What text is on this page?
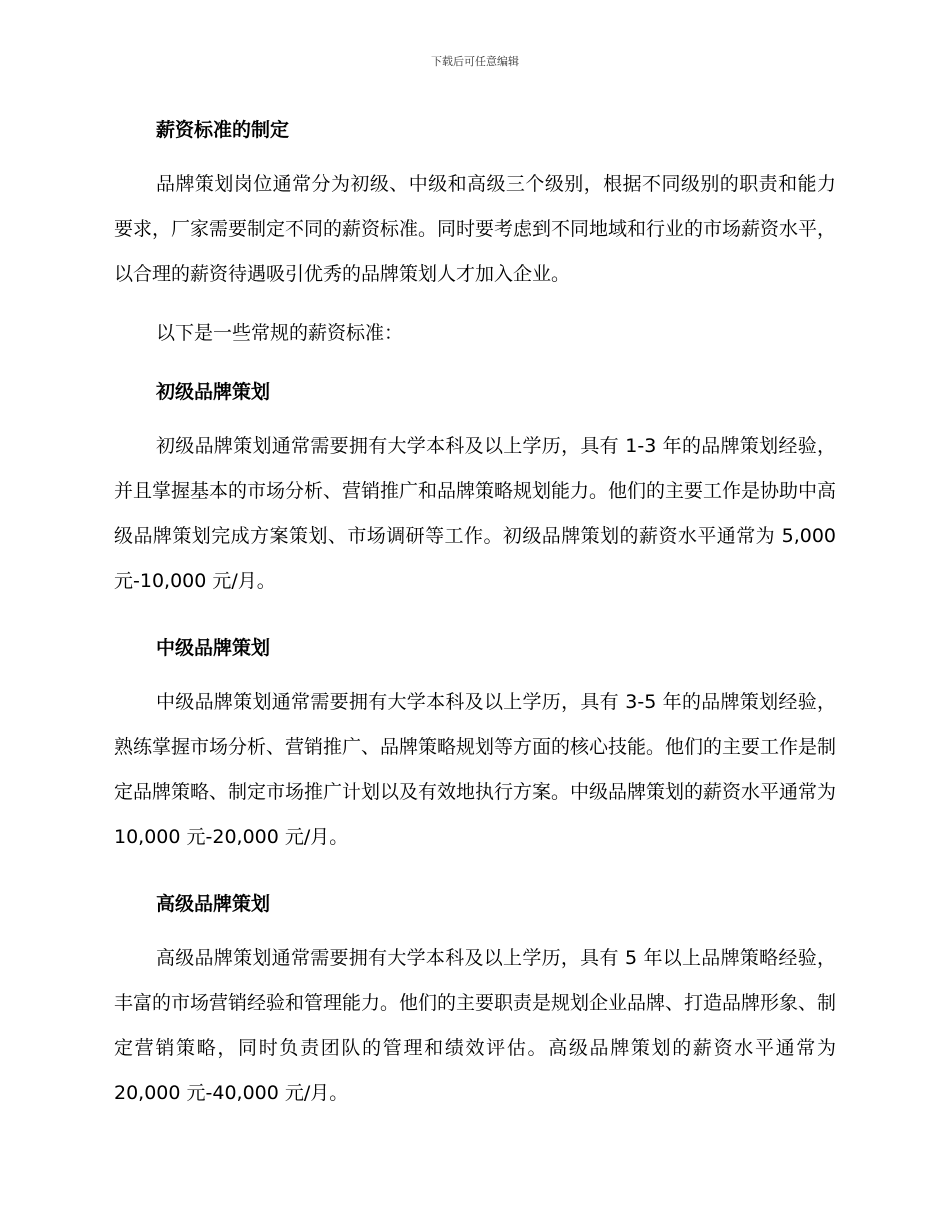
下载后可任意编辑
薪资标准的制定

品牌策划岗位通常分为初级、中级和高级三个级别，根据不同级别的职责和能力要求，厂家需要制定不同的薪资标准。同时要考虑到不同地域和行业的市场薪资水平，以合理的薪资待遇吸引优秀的品牌策划人才加入企业。

以下是一些常规的薪资标准：

初级品牌策划

初级品牌策划通常需要拥有大学本科及以上学历，具有 1-3 年的品牌策划经验，并且掌握基本的市场分析、营销推广和品牌策略规划能力。他们的主要工作是协助中高级品牌策划完成方案策划、市场调研等工作。初级品牌策划的薪资水平通常为 5,000 元-10,000 元/月。

中级品牌策划

中级品牌策划通常需要拥有大学本科及以上学历，具有 3-5 年的品牌策划经验，熟练掌握市场分析、营销推广、品牌策略规划等方面的核心技能。他们的主要工作是制定品牌策略、制定市场推广计划以及有效地执行方案。中级品牌策划的薪资水平通常为 10,000 元-20,000 元/月。

高级品牌策划

高级品牌策划通常需要拥有大学本科及以上学历，具有 5 年以上品牌策略经验，丰富的市场营销经验和管理能力。他们的主要职责是规划企业品牌、打造品牌形象、制定营销策略，同时负责团队的管理和绩效评估。高级品牌策划的薪资水平通常为 20,000 元-40,000 元/月。
